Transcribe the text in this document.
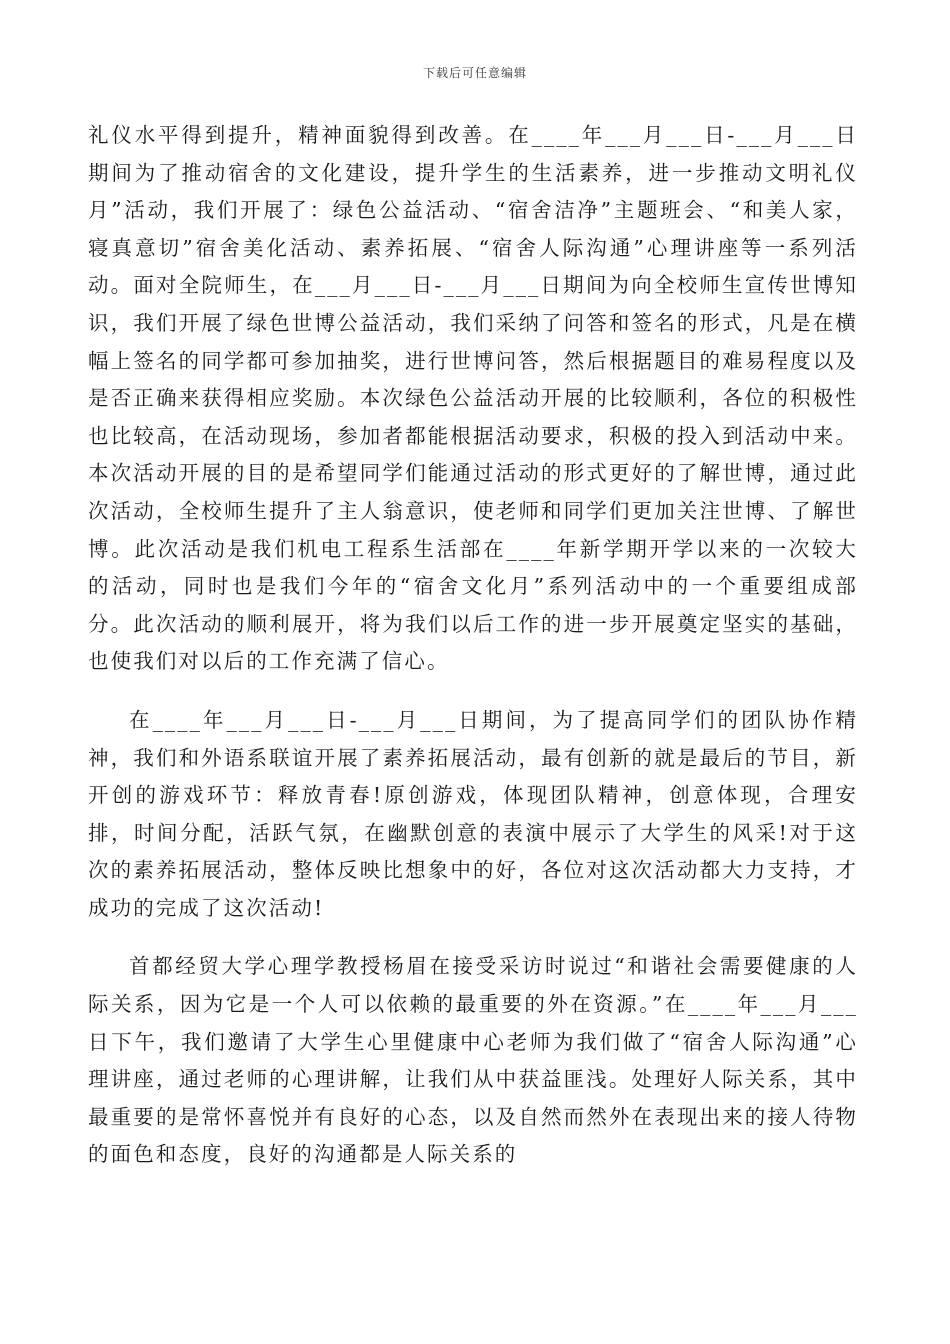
下载后可任意编辑

礼仪水平得到提升，精神面貌得到改善。在____年___月___日-___月___日期间为了推动宿舍的文化建设，提升学生的生活素养，进一步推动文明礼仪月”活动，我们开展了：绿色公益活动、“宿舍洁净”主题班会、“和美人家，寝真意切”宿舍美化活动、素养拓展、“宿舍人际沟通”心理讲座等一系列活动。面对全院师生，在___月___日-___月___日期间为向全校师生宣传世博知识，我们开展了绿色世博公益活动，我们采纳了问答和签名的形式，凡是在横幅上签名的同学都可参加抽奖，进行世博问答，然后根据题目的难易程度以及是否正确来获得相应奖励。本次绿色公益活动开展的比较顺利，各位的积极性也比较高，在活动现场，参加者都能根据活动要求，积极的投入到活动中来。本次活动开展的目的是希望同学们能通过活动的形式更好的了解世博，通过此次活动，全校师生提升了主人翁意识，使老师和同学们更加关注世博、了解世博。此次活动是我们机电工程系生活部在____年新学期开学以来的一次较大的活动，同时也是我们今年的“宿舍文化月”系列活动中的一个重要组成部分。此次活动的顺利展开，将为我们以后工作的进一步开展奠定坚实的基础，也使我们对以后的工作充满了信心。

在____年___月___日-___月___日期间，为了提高同学们的团队协作精神，我们和外语系联谊开展了素养拓展活动，最有创新的就是最后的节目，新开创的游戏环节：释放青春!原创游戏，体现团队精神，创意体现，合理安排，时间分配，活跃气氛，在幽默创意的表演中展示了大学生的风采!对于这次的素养拓展活动，整体反映比想象中的好，各位对这次活动都大力支持，才成功的完成了这次活动!

首都经贸大学心理学教授杨眉在接受采访时说过“和谐社会需要健康的人际关系，因为它是一个人可以依赖的最重要的外在资源。”在____年___月___日下午，我们邀请了大学生心里健康中心老师为我们做了“宿舍人际沟通”心理讲座，通过老师的心理讲解，让我们从中获益匪浅。处理好人际关系，其中最重要的是常怀喜悦并有良好的心态，以及自然而然外在表现出来的接人待物的面色和态度，良好的沟通都是人际关系的
